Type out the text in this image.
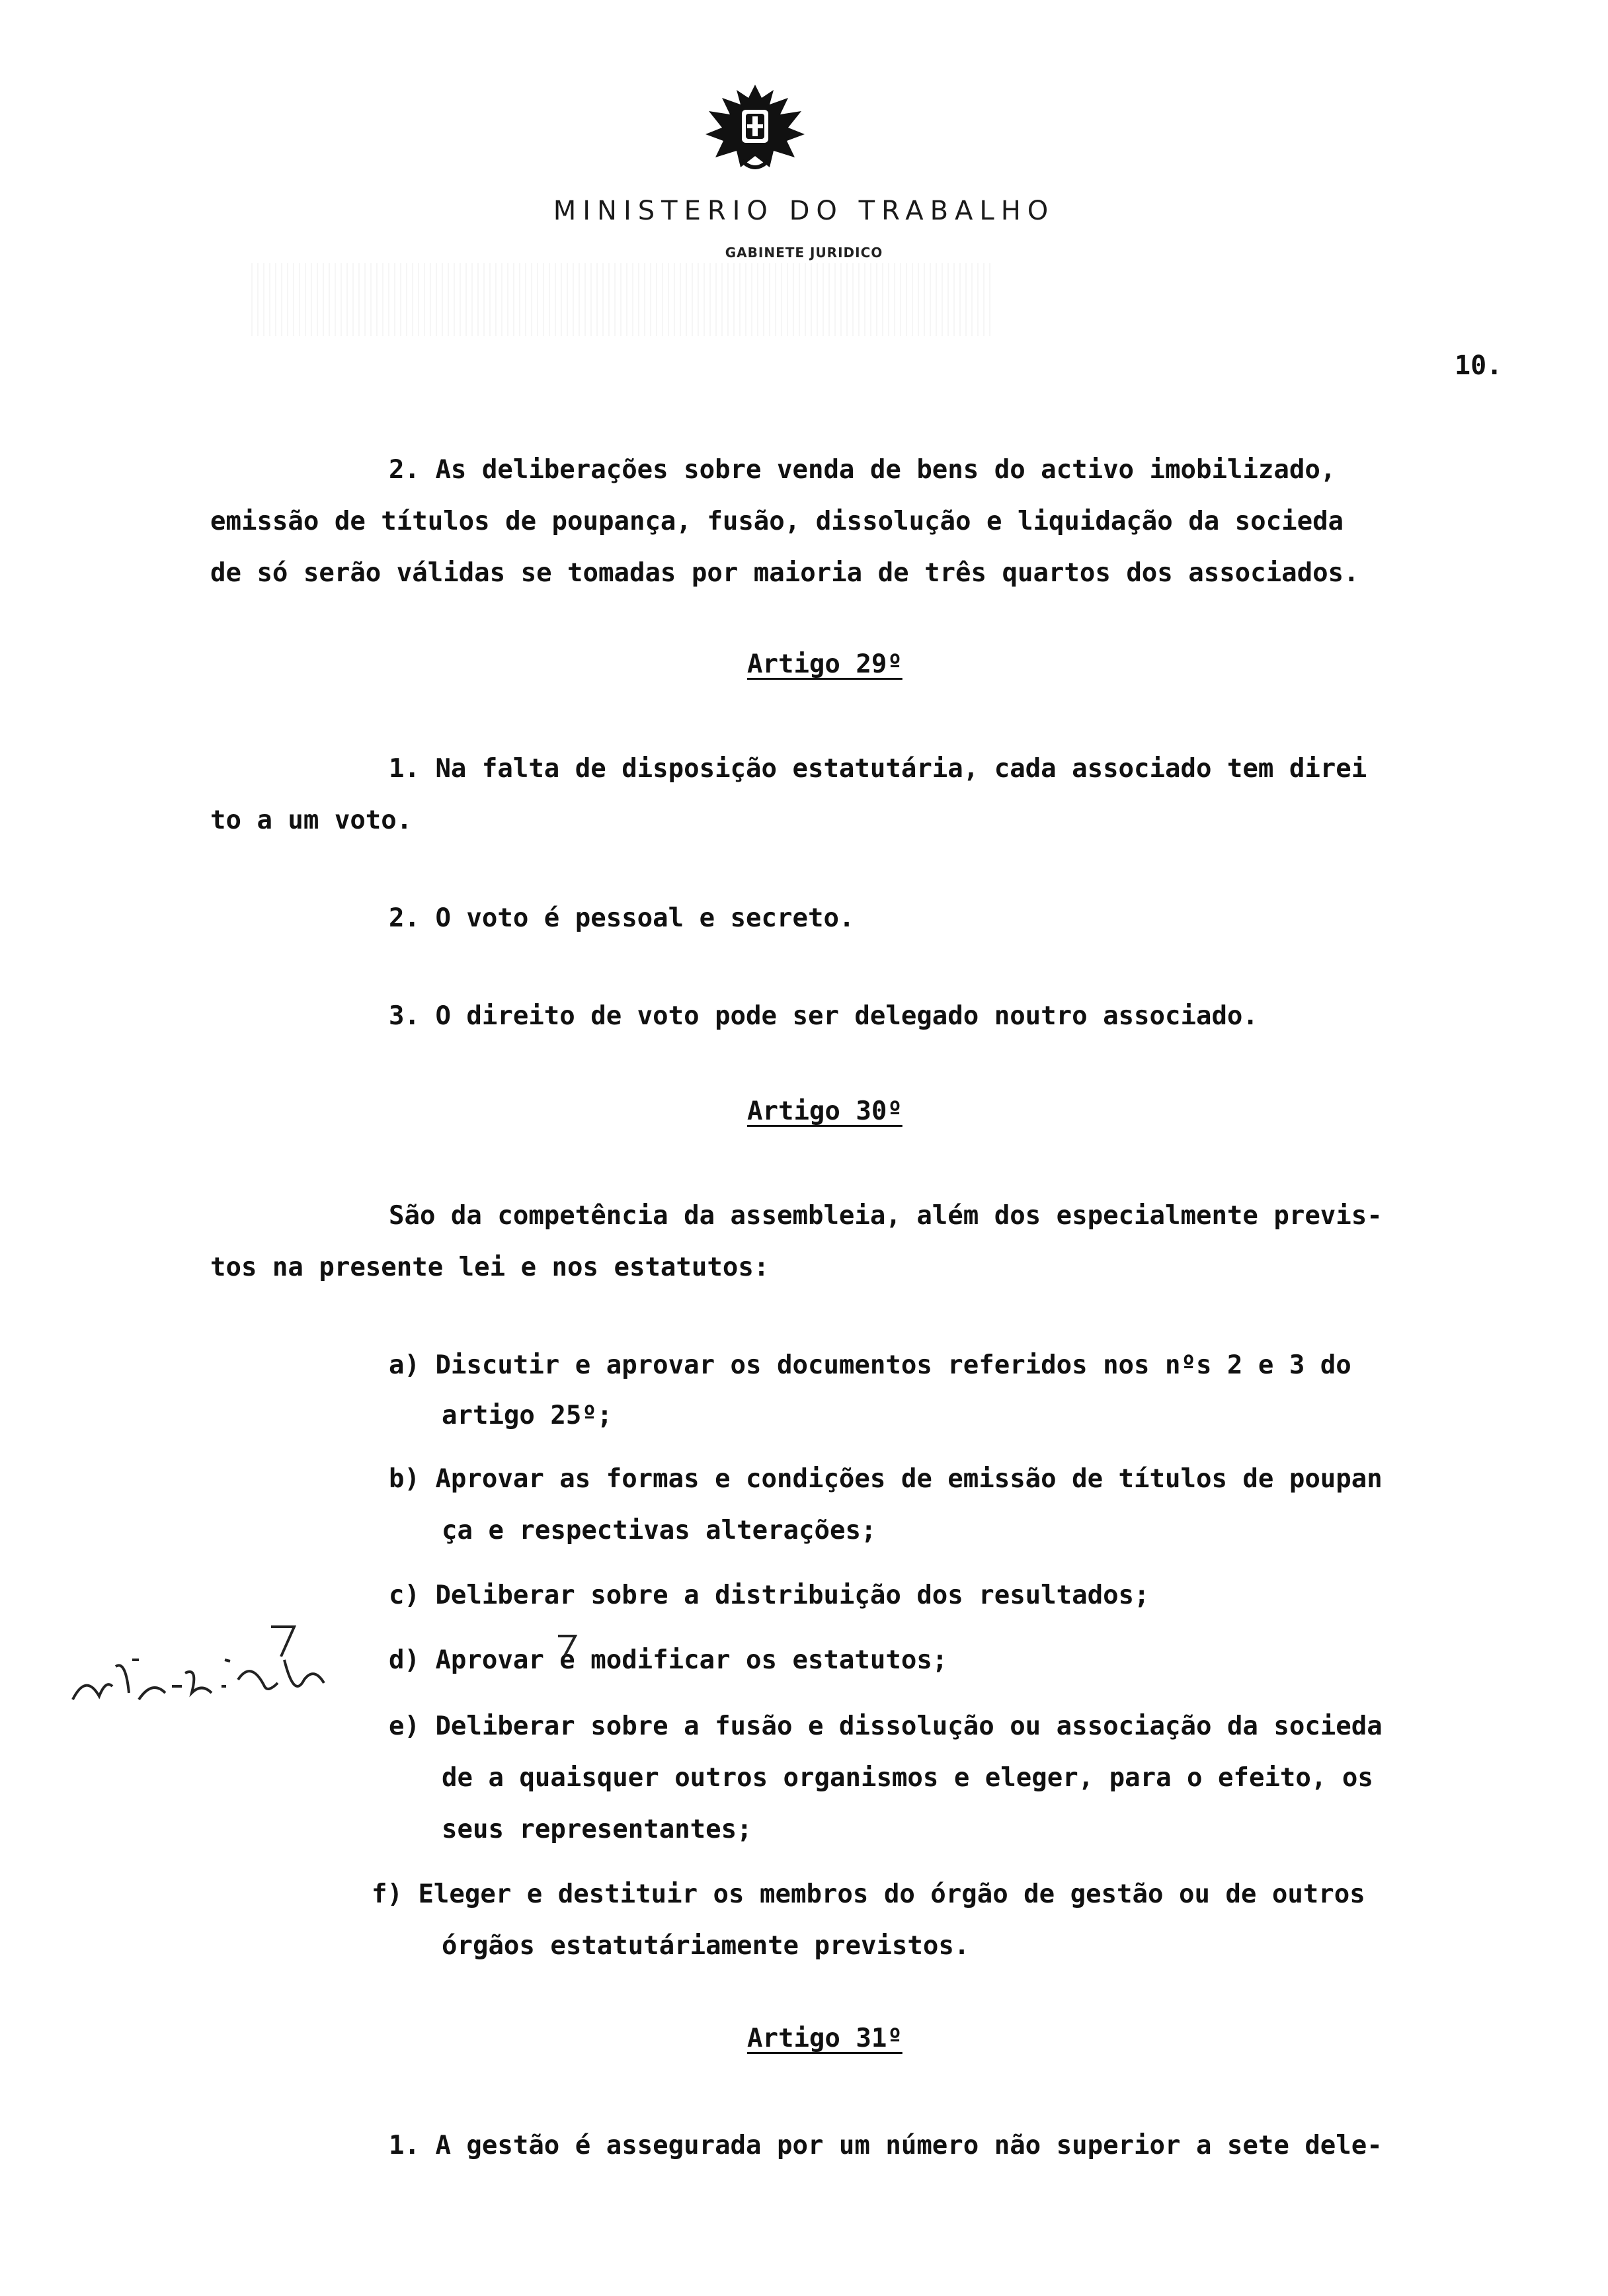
MINISTERIO DO TRABALHO
GABINETE JURIDICO
10.
2. As deliberações sobre venda de bens do activo imobilizado,
emissão de títulos de poupança, fusão, dissolução e liquidação da socieda
de só serão válidas se tomadas por maioria de três quartos dos associados.
Artigo 29º
1. Na falta de disposição estatutária, cada associado tem direi
to a um voto.
2. O voto é pessoal e secreto.
3. O direito de voto pode ser delegado noutro associado.
Artigo 30º
São da competência da assembleia, além dos especialmente previs-
tos na presente lei e nos estatutos:
a) Discutir e aprovar os documentos referidos nos nºs 2 e 3 do
artigo 25º;
b) Aprovar as formas e condições de emissão de títulos de poupan
ça e respectivas alterações;
c) Deliberar sobre a distribuição dos resultados;
d) Aprovar e modificar os estatutos;
e) Deliberar sobre a fusão e dissolução ou associação da socieda
de a quaisquer outros organismos e eleger, para o efeito, os
seus representantes;
f) Eleger e destituir os membros do órgão de gestão ou de outros
órgãos estatutáriamente previstos.
Artigo 31º
1. A gestão é assegurada por um número não superior a sete dele-
